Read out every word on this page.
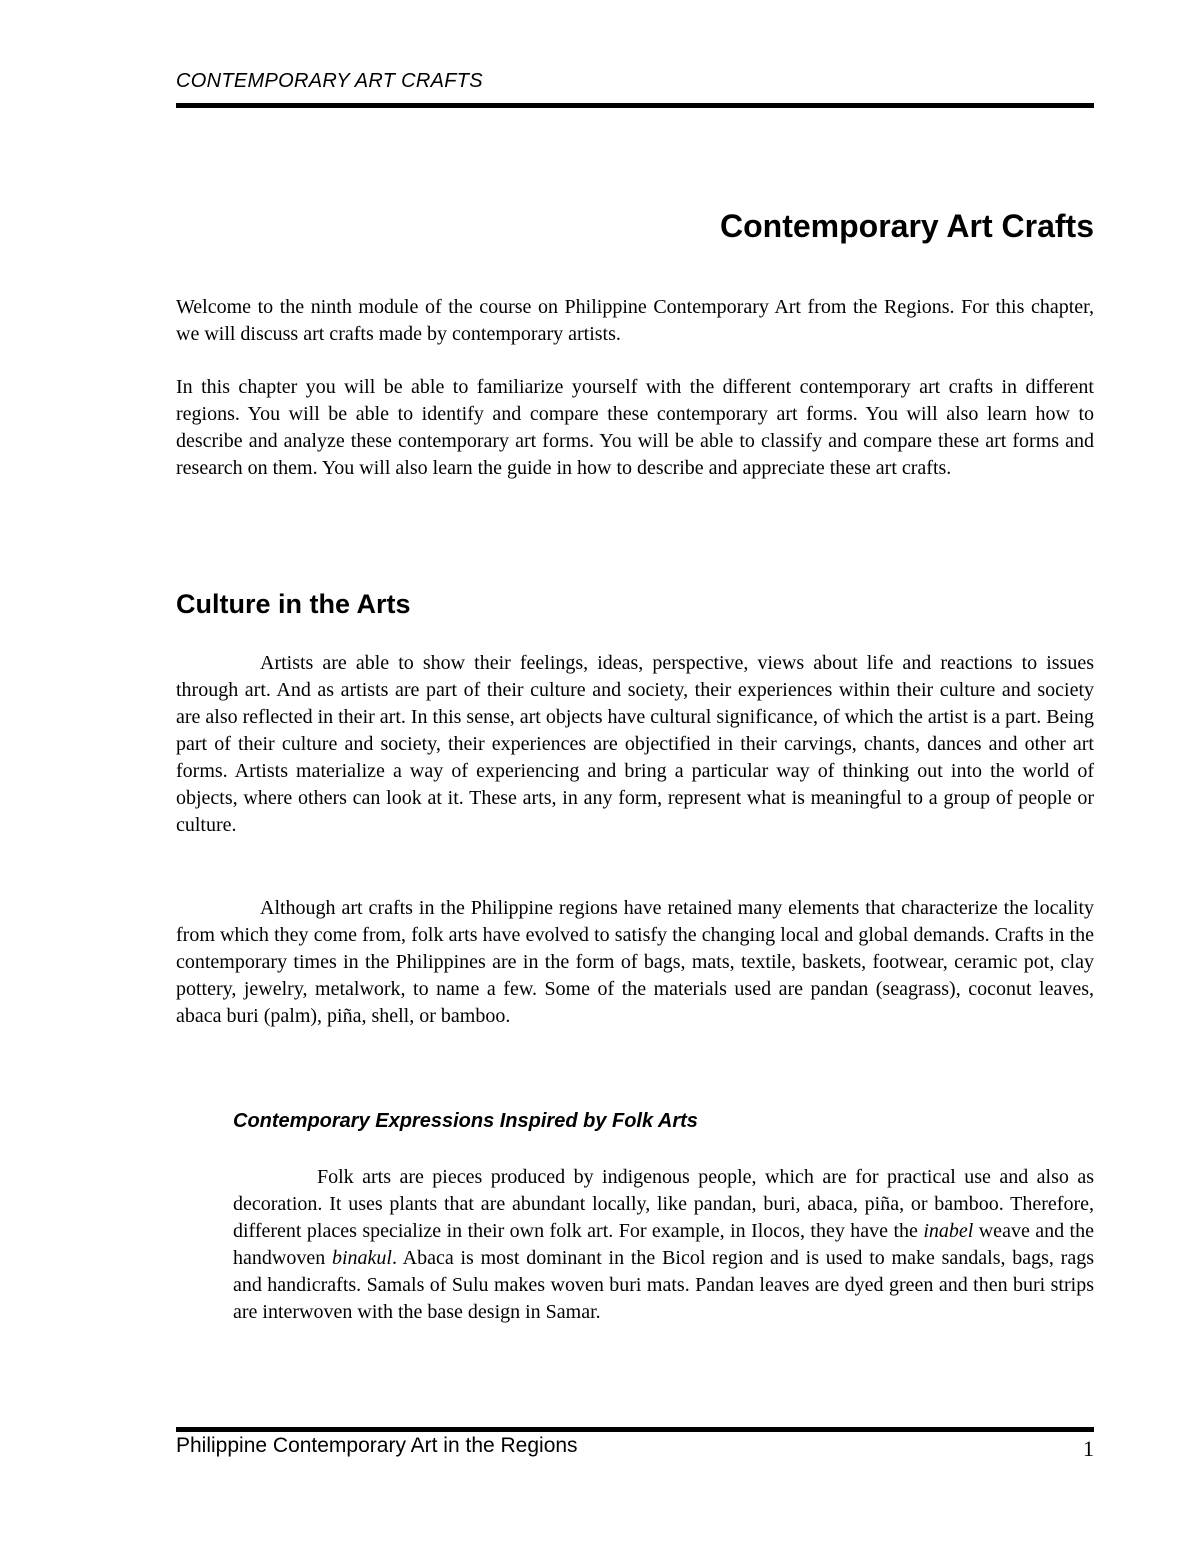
CONTEMPORARY ART CRAFTS
Contemporary Art Crafts

Welcome to the ninth module of the course on Philippine Contemporary Art from the Regions. For this chapter, we will discuss art crafts made by contemporary artists.

In this chapter you will be able to familiarize yourself with the different contemporary art crafts in different regions. You will be able to identify and compare these contemporary art forms. You will also learn how to describe and analyze these contemporary art forms. You will be able to classify and compare these art forms and research on them. You will also learn the guide in how to describe and appreciate these art crafts.

Culture in the Arts

Artists are able to show their feelings, ideas, perspective, views about life and reactions to issues through art. And as artists are part of their culture and society, their experiences within their culture and society are also reflected in their art. In this sense, art objects have cultural significance, of which the artist is a part. Being part of their culture and society, their experiences are objectified in their carvings, chants, dances and other art forms. Artists materialize a way of experiencing and bring a particular way of thinking out into the world of objects, where others can look at it. These arts, in any form, represent what is meaningful to a group of people or culture.

Although art crafts in the Philippine regions have retained many elements that characterize the locality from which they come from, folk arts have evolved to satisfy the changing local and global demands. Crafts in the contemporary times in the Philippines are in the form of bags, mats, textile, baskets, footwear, ceramic pot, clay pottery, jewelry, metalwork, to name a few. Some of the materials used are pandan (seagrass), coconut leaves, abaca buri (palm), piña, shell, or bamboo.

Contemporary Expressions Inspired by Folk Arts

Folk arts are pieces produced by indigenous people, which are for practical use and also as decoration. It uses plants that are abundant locally, like pandan, buri, abaca, piña, or bamboo. Therefore, different places specialize in their own folk art. For example, in Ilocos, they have the inabel weave and the handwoven binakul. Abaca is most dominant in the Bicol region and is used to make sandals, bags, rags and handicrafts. Samals of Sulu makes woven buri mats. Pandan leaves are dyed green and then buri strips are interwoven with the base design in Samar.

Philippine Contemporary Art in the Regions	1
